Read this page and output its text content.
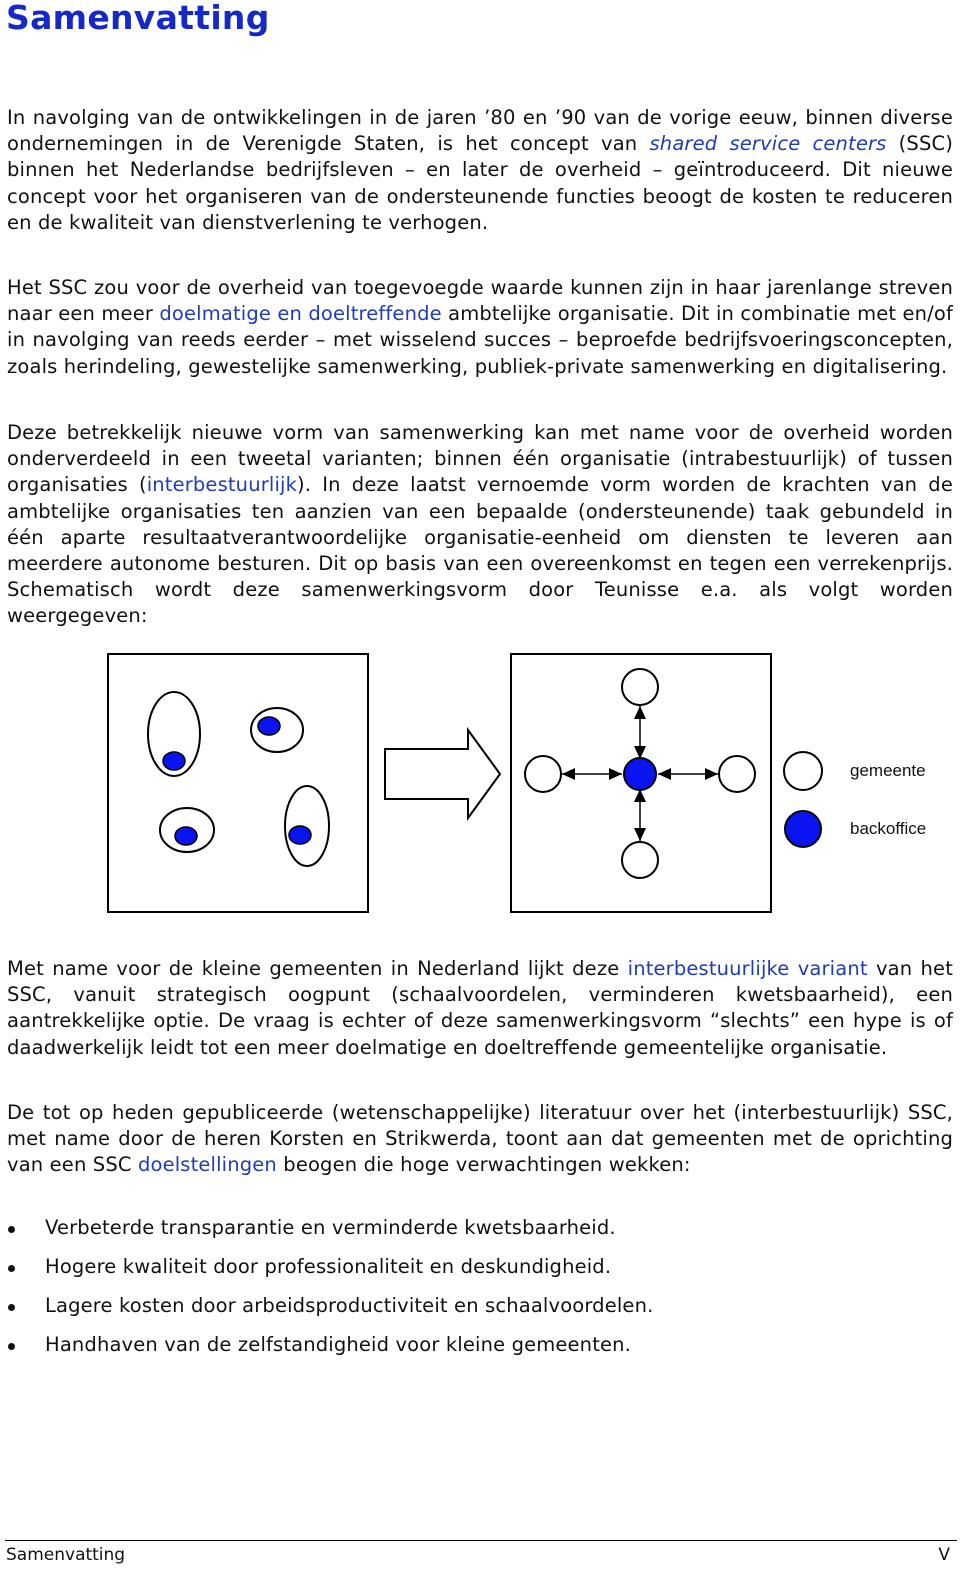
Samenvatting

In navolging van de ontwikkelingen in de jaren ’80 en ’90 van de vorige eeuw, binnen diverse ondernemingen in de Verenigde Staten, is het concept van shared service centers (SSC) binnen het Nederlandse bedrijfsleven – en later de overheid – geïntroduceerd. Dit nieuwe concept voor het organiseren van de ondersteunende functies beoogt de kosten te reduceren en de kwaliteit van dienstverlening te verhogen.

Het SSC zou voor de overheid van toegevoegde waarde kunnen zijn in haar jarenlange streven naar een meer doelmatige en doeltreffende ambtelijke organisatie. Dit in combinatie met en/of in navolging van reeds eerder – met wisselend succes – beproefde bedrijfsvoeringsconcepten, zoals herindeling, gewestelijke samenwerking, publiek-private samenwerking en digitalisering.

Deze betrekkelijk nieuwe vorm van samenwerking kan met name voor de overheid worden onderverdeeld in een tweetal varianten; binnen één organisatie (intrabestuurlijk) of tussen organisaties (interbestuurlijk). In deze laatst vernoemde vorm worden de krachten van de ambtelijke organisaties ten aanzien van een bepaalde (ondersteunende) taak gebundeld in één aparte resultaatverantwoordelijke organisatie-eenheid om diensten te leveren aan meerdere autonome besturen. Dit op basis van een overeenkomst en tegen een verrekenprijs. Schematisch wordt deze samenwerkingsvorm door Teunisse e.a. als volgt worden weergegeven:

gemeente
backoffice

Met name voor de kleine gemeenten in Nederland lijkt deze interbestuurlijke variant van het SSC, vanuit strategisch oogpunt (schaalvoordelen, verminderen kwetsbaarheid), een aantrekkelijke optie. De vraag is echter of deze samenwerkingsvorm “slechts” een hype is of daadwerkelijk leidt tot een meer doelmatige en doeltreffende gemeentelijke organisatie.

De tot op heden gepubliceerde (wetenschappelijke) literatuur over het (interbestuurlijk) SSC, met name door de heren Korsten en Strikwerda, toont aan dat gemeenten met de oprichting van een SSC doelstellingen beogen die hoge verwachtingen wekken:

Verbeterde transparantie en verminderde kwetsbaarheid.
Hogere kwaliteit door professionaliteit en deskundigheid.
Lagere kosten door arbeidsproductiviteit en schaalvoordelen.
Handhaven van de zelfstandigheid voor kleine gemeenten.
Samenvatting	V
